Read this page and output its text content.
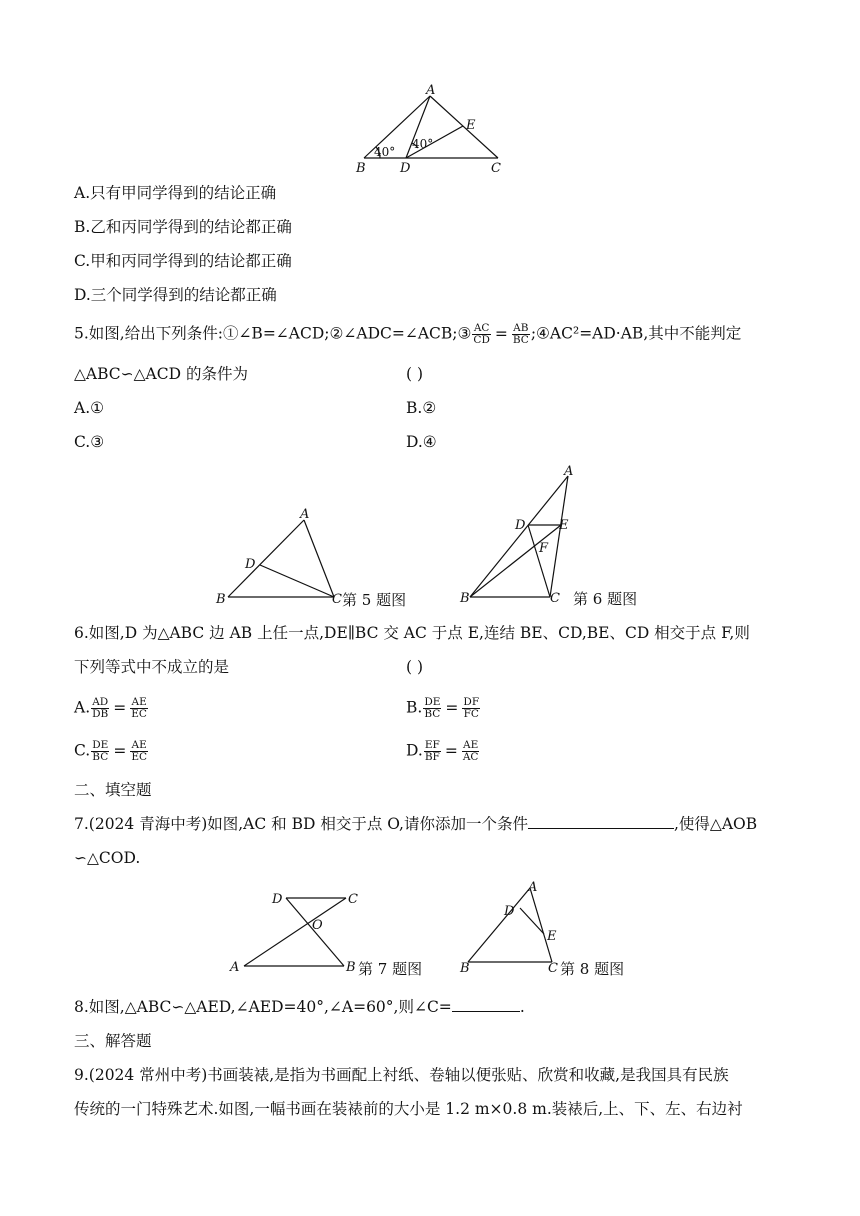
A
B	C
D
E
40°
40°
A.只有甲同学得到的结论正确
B.乙和丙同学得到的结论都正确
C.甲和丙同学得到的结论都正确
D.三个同学得到的结论都正确
5.如图,给出下列条件:①∠B=∠ACD;②∠ADC=∠ACB;③ $\frac{AC}{CD} = \frac{AB}{BC}$ ;④AC²=AD·AB,其中不能判定
△ABC∽△ACD 的条件为	( )
A.①	B.②
C.③	D.④
A
B	C
D
第 5 题图
A
B	C
D	E
F
第 6 题图
6.如图,D 为△ABC 边 AB 上任一点,DE∥BC 交 AC 于点 E,连结 BE、CD,BE、CD 相交于点 F,则
下列等式中不成立的是	( )
A. $\frac{AD}{DB} = \frac{AE}{EC}$	B. $\frac{DE}{BC} = \frac{DF}{FC}$
C. $\frac{DE}{BC} = \frac{AE}{EC}$	D. $\frac{EF}{BF} = \frac{AE}{AC}$
二、填空题
7.(2024 青海中考)如图,AC 和 BD 相交于点 O,请你添加一个条件	,使得△AOB
∽△COD.
D	C
O
A	B 第 7 题图
A
D
E
B	C 第 8 题图
8.如图,△ABC∽△AED,∠AED=40°,∠A=60°,则∠C=	.
三、解答题
9.(2024 常州中考)书画装裱,是指为书画配上衬纸、卷轴以便张贴、欣赏和收藏,是我国具有民族
传统的一门特殊艺术.如图,一幅书画在装裱前的大小是 1.2 m×0.8 m.装裱后,上、下、左、右边衬
